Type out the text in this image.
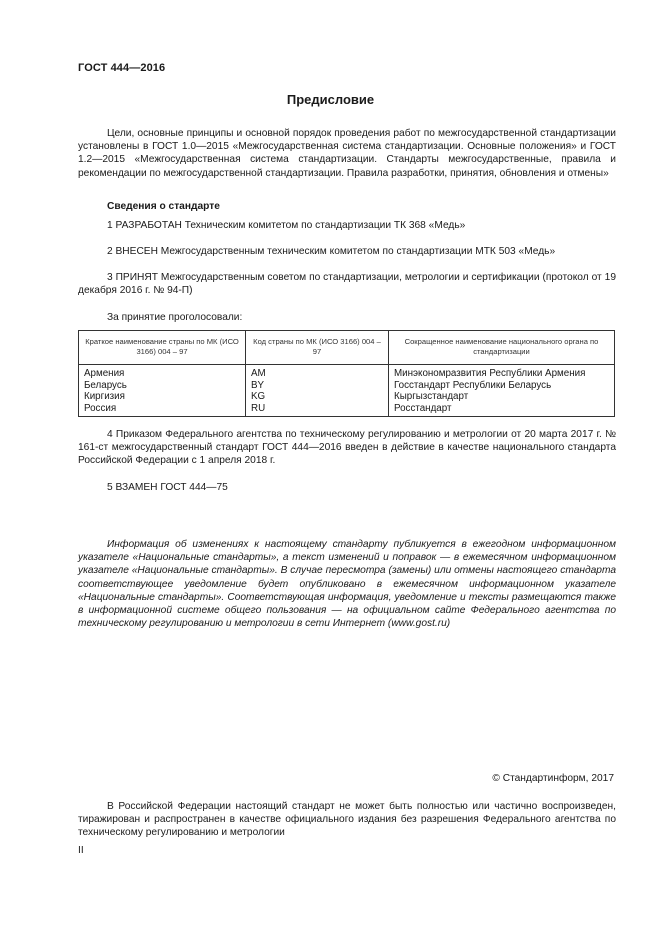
ГОСТ 444—2016
Предисловие

Цели, основные принципы и основной порядок проведения работ по межгосударственной стандартизации установлены в ГОСТ 1.0—2015 «Межгосударственная система стандартизации. Основные положения» и ГОСТ 1.2—2015 «Межгосударственная система стандартизации. Стандарты межгосударственные, правила и рекомендации по межгосударственной стандартизации. Правила разработки, принятия, обновления и отмены»

Сведения о стандарте
1 РАЗРАБОТАН Техническим комитетом по стандартизации ТК 368 «Медь»
2 ВНЕСЕН Межгосударственным техническим комитетом по стандартизации МТК 503 «Медь»

3 ПРИНЯТ Межгосударственным советом по стандартизации, метрологии и сертификации (протокол от 19 декабря 2016 г. № 94-П)

За принятие проголосовали:
Краткое наименование страны по МК (ИСО 3166) 004 – 97	Код страны по МК (ИСО 3166) 004 – 97	Сокращенное наименование национального органа по стандартизации
Армения	AM	Минэкономразвития Республики Армения
Беларусь	BY	Госстандарт Республики Беларусь
Киргизия	KG	Кыргызстандарт
Россия	RU	Росстандарт

4 Приказом Федерального агентства по техническому регулированию и метрологии от 20 марта 2017 г. № 161-ст межгосударственный стандарт ГОСТ 444—2016 введен в действие в качестве национального стандарта Российской Федерации с 1 апреля 2018 г.

5 ВЗАМЕН ГОСТ 444—75

Информация об изменениях к настоящему стандарту публикуется в ежегодном информационном указателе «Национальные стандарты», а текст изменений и поправок — в ежемесячном информационном указателе «Национальные стандарты». В случае пересмотра (замены) или отмены настоящего стандарта соответствующее уведомление будет опубликовано в ежемесячном информационном указателе «Национальные стандарты». Соответствующая информация, уведомление и тексты размещаются также в информационной системе общего пользования — на официальном сайте Федерального агентства по техническому регулированию и метрологии в сети Интернет (www.gost.ru)

© Стандартинформ, 2017

В Российской Федерации настоящий стандарт не может быть полностью или частично воспроизведен, тиражирован и распространен в качестве официального издания без разрешения Федерального агентства по техническому регулированию и метрологии

II
